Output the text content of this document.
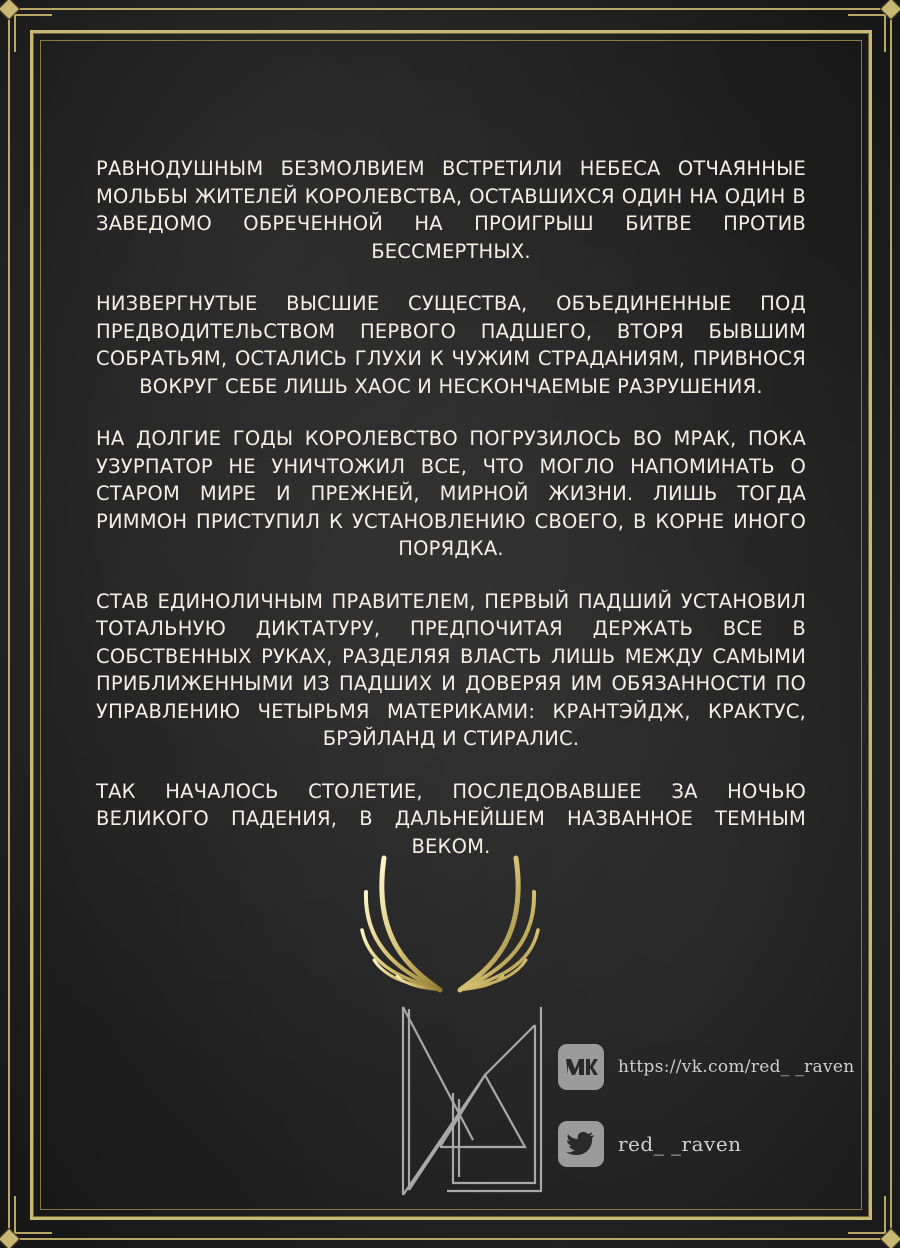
РАВНОДУШНЫМ БЕЗМОЛВИЕМ ВСТРЕТИЛИ НЕБЕСА ОТЧАЯННЫЕ МОЛЬБЫ ЖИТЕЛЕЙ КОРОЛЕВСТВА, ОСТАВШИХСЯ ОДИН НА ОДИН В ЗАВЕДОМО ОБРЕЧЕННОЙ НА ПРОИГРЫШ БИТВЕ ПРОТИВ БЕССМЕРТНЫХ.

НИЗВЕРГНУТЫЕ ВЫСШИЕ СУЩЕСТВА, ОБЪЕДИНЕННЫЕ ПОД ПРЕДВОДИТЕЛЬСТВОМ ПЕРВОГО ПАДШЕГО, ВТОРЯ БЫВШИМ СОБРАТЬЯМ, ОСТАЛИСЬ ГЛУХИ К ЧУЖИМ СТРАДАНИЯМ, ПРИВНОСЯ ВОКРУГ СЕБЕ ЛИШЬ ХАОС И НЕСКОНЧАЕМЫЕ РАЗРУШЕНИЯ.

НА ДОЛГИЕ ГОДЫ КОРОЛЕВСТВО ПОГРУЗИЛОСЬ ВО МРАК, ПОКА УЗУРПАТОР НЕ УНИЧТОЖИЛ ВСЕ, ЧТО МОГЛО НАПОМИНАТЬ О СТАРОМ МИРЕ И ПРЕЖНЕЙ, МИРНОЙ ЖИЗНИ. ЛИШЬ ТОГДА РИММОН ПРИСТУПИЛ К УСТАНОВЛЕНИЮ СВОЕГО, В КОРНЕ ИНОГО ПОРЯДКА.

СТАВ ЕДИНОЛИЧНЫМ ПРАВИТЕЛЕМ, ПЕРВЫЙ ПАДШИЙ УСТАНОВИЛ ТОТАЛЬНУЮ ДИКТАТУРУ, ПРЕДПОЧИТАЯ ДЕРЖАТЬ ВСЕ В СОБСТВЕННЫХ РУКАХ, РАЗДЕЛЯЯ ВЛАСТЬ ЛИШЬ МЕЖДУ САМЫМИ ПРИБЛИЖЕННЫМИ ИЗ ПАДШИХ И ДОВЕРЯЯ ИМ ОБЯЗАННОСТИ ПО УПРАВЛЕНИЮ ЧЕТЫРЬМЯ МАТЕРИКАМИ: КРАНТЭЙДЖ, КРАКТУС, БРЭЙЛАНД И СТИРАЛИС.

ТАК НАЧАЛОСЬ СТОЛЕТИЕ, ПОСЛЕДОВАВШЕЕ ЗА НОЧЬЮ ВЕЛИКОГО ПАДЕНИЯ, В ДАЛЬНЕЙШЕМ НАЗВАННОЕ ТЕМНЫМ ВЕКОМ.

https://vk.com/red_ _raven
red_ _raven
